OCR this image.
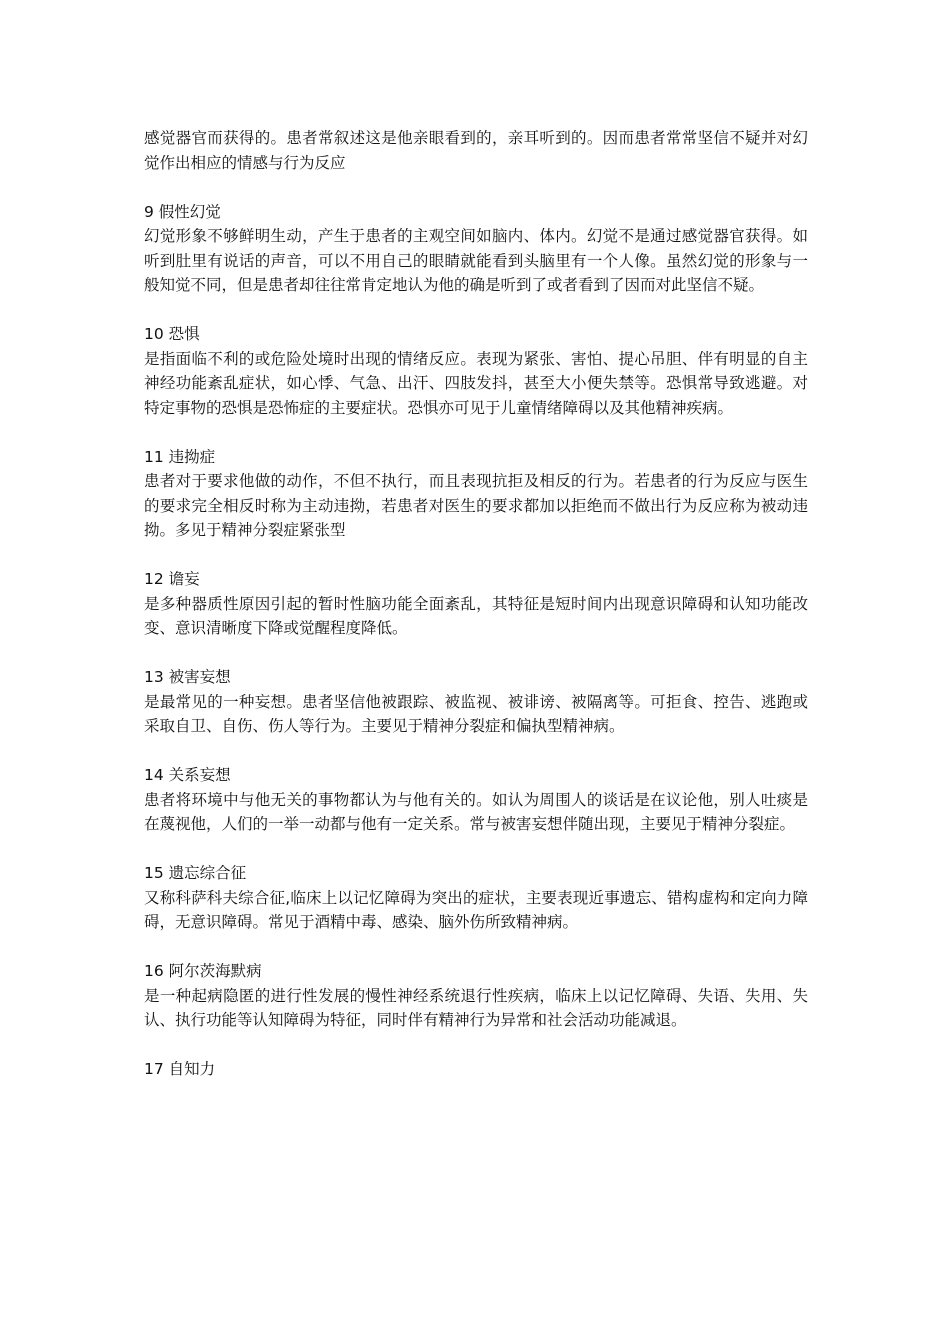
感觉器官而获得的。患者常叙述这是他亲眼看到的，亲耳听到的。因而患者常常坚信不疑并对幻觉作出相应的情感与行为反应

9 假性幻觉

幻觉形象不够鲜明生动，产生于患者的主观空间如脑内、体内。幻觉不是通过感觉器官获得。如听到肚里有说话的声音，可以不用自己的眼睛就能看到头脑里有一个人像。虽然幻觉的形象与一般知觉不同，但是患者却往往常肯定地认为他的确是听到了或者看到了因而对此坚信不疑。

10 恐惧

是指面临不利的或危险处境时出现的情绪反应。表现为紧张、害怕、提心吊胆、伴有明显的自主神经功能紊乱症状，如心悸、气急、出汗、四肢发抖，甚至大小便失禁等。恐惧常导致逃避。对特定事物的恐惧是恐怖症的主要症状。恐惧亦可见于儿童情绪障碍以及其他精神疾病。

11 违拗症

患者对于要求他做的动作，不但不执行，而且表现抗拒及相反的行为。若患者的行为反应与医生的要求完全相反时称为主动违拗，若患者对医生的要求都加以拒绝而不做出行为反应称为被动违拗。多见于精神分裂症紧张型

12 谵妄

是多种器质性原因引起的暂时性脑功能全面紊乱，其特征是短时间内出现意识障碍和认知功能改变、意识清晰度下降或觉醒程度降低。

13 被害妄想

是最常见的一种妄想。患者坚信他被跟踪、被监视、被诽谤、被隔离等。可拒食、控告、逃跑或采取自卫、自伤、伤人等行为。主要见于精神分裂症和偏执型精神病。

14 关系妄想

患者将环境中与他无关的事物都认为与他有关的。如认为周围人的谈话是在议论他，别人吐痰是在蔑视他，人们的一举一动都与他有一定关系。常与被害妄想伴随出现，主要见于精神分裂症。

15 遗忘综合征

又称科萨科夫综合征,临床上以记忆障碍为突出的症状，主要表现近事遗忘、错构虚构和定向力障碍，无意识障碍。常见于酒精中毒、感染、脑外伤所致精神病。

16 阿尔茨海默病

是一种起病隐匿的进行性发展的慢性神经系统退行性疾病，临床上以记忆障碍、失语、失用、失认、执行功能等认知障碍为特征，同时伴有精神行为异常和社会活动功能减退。

17 自知力
